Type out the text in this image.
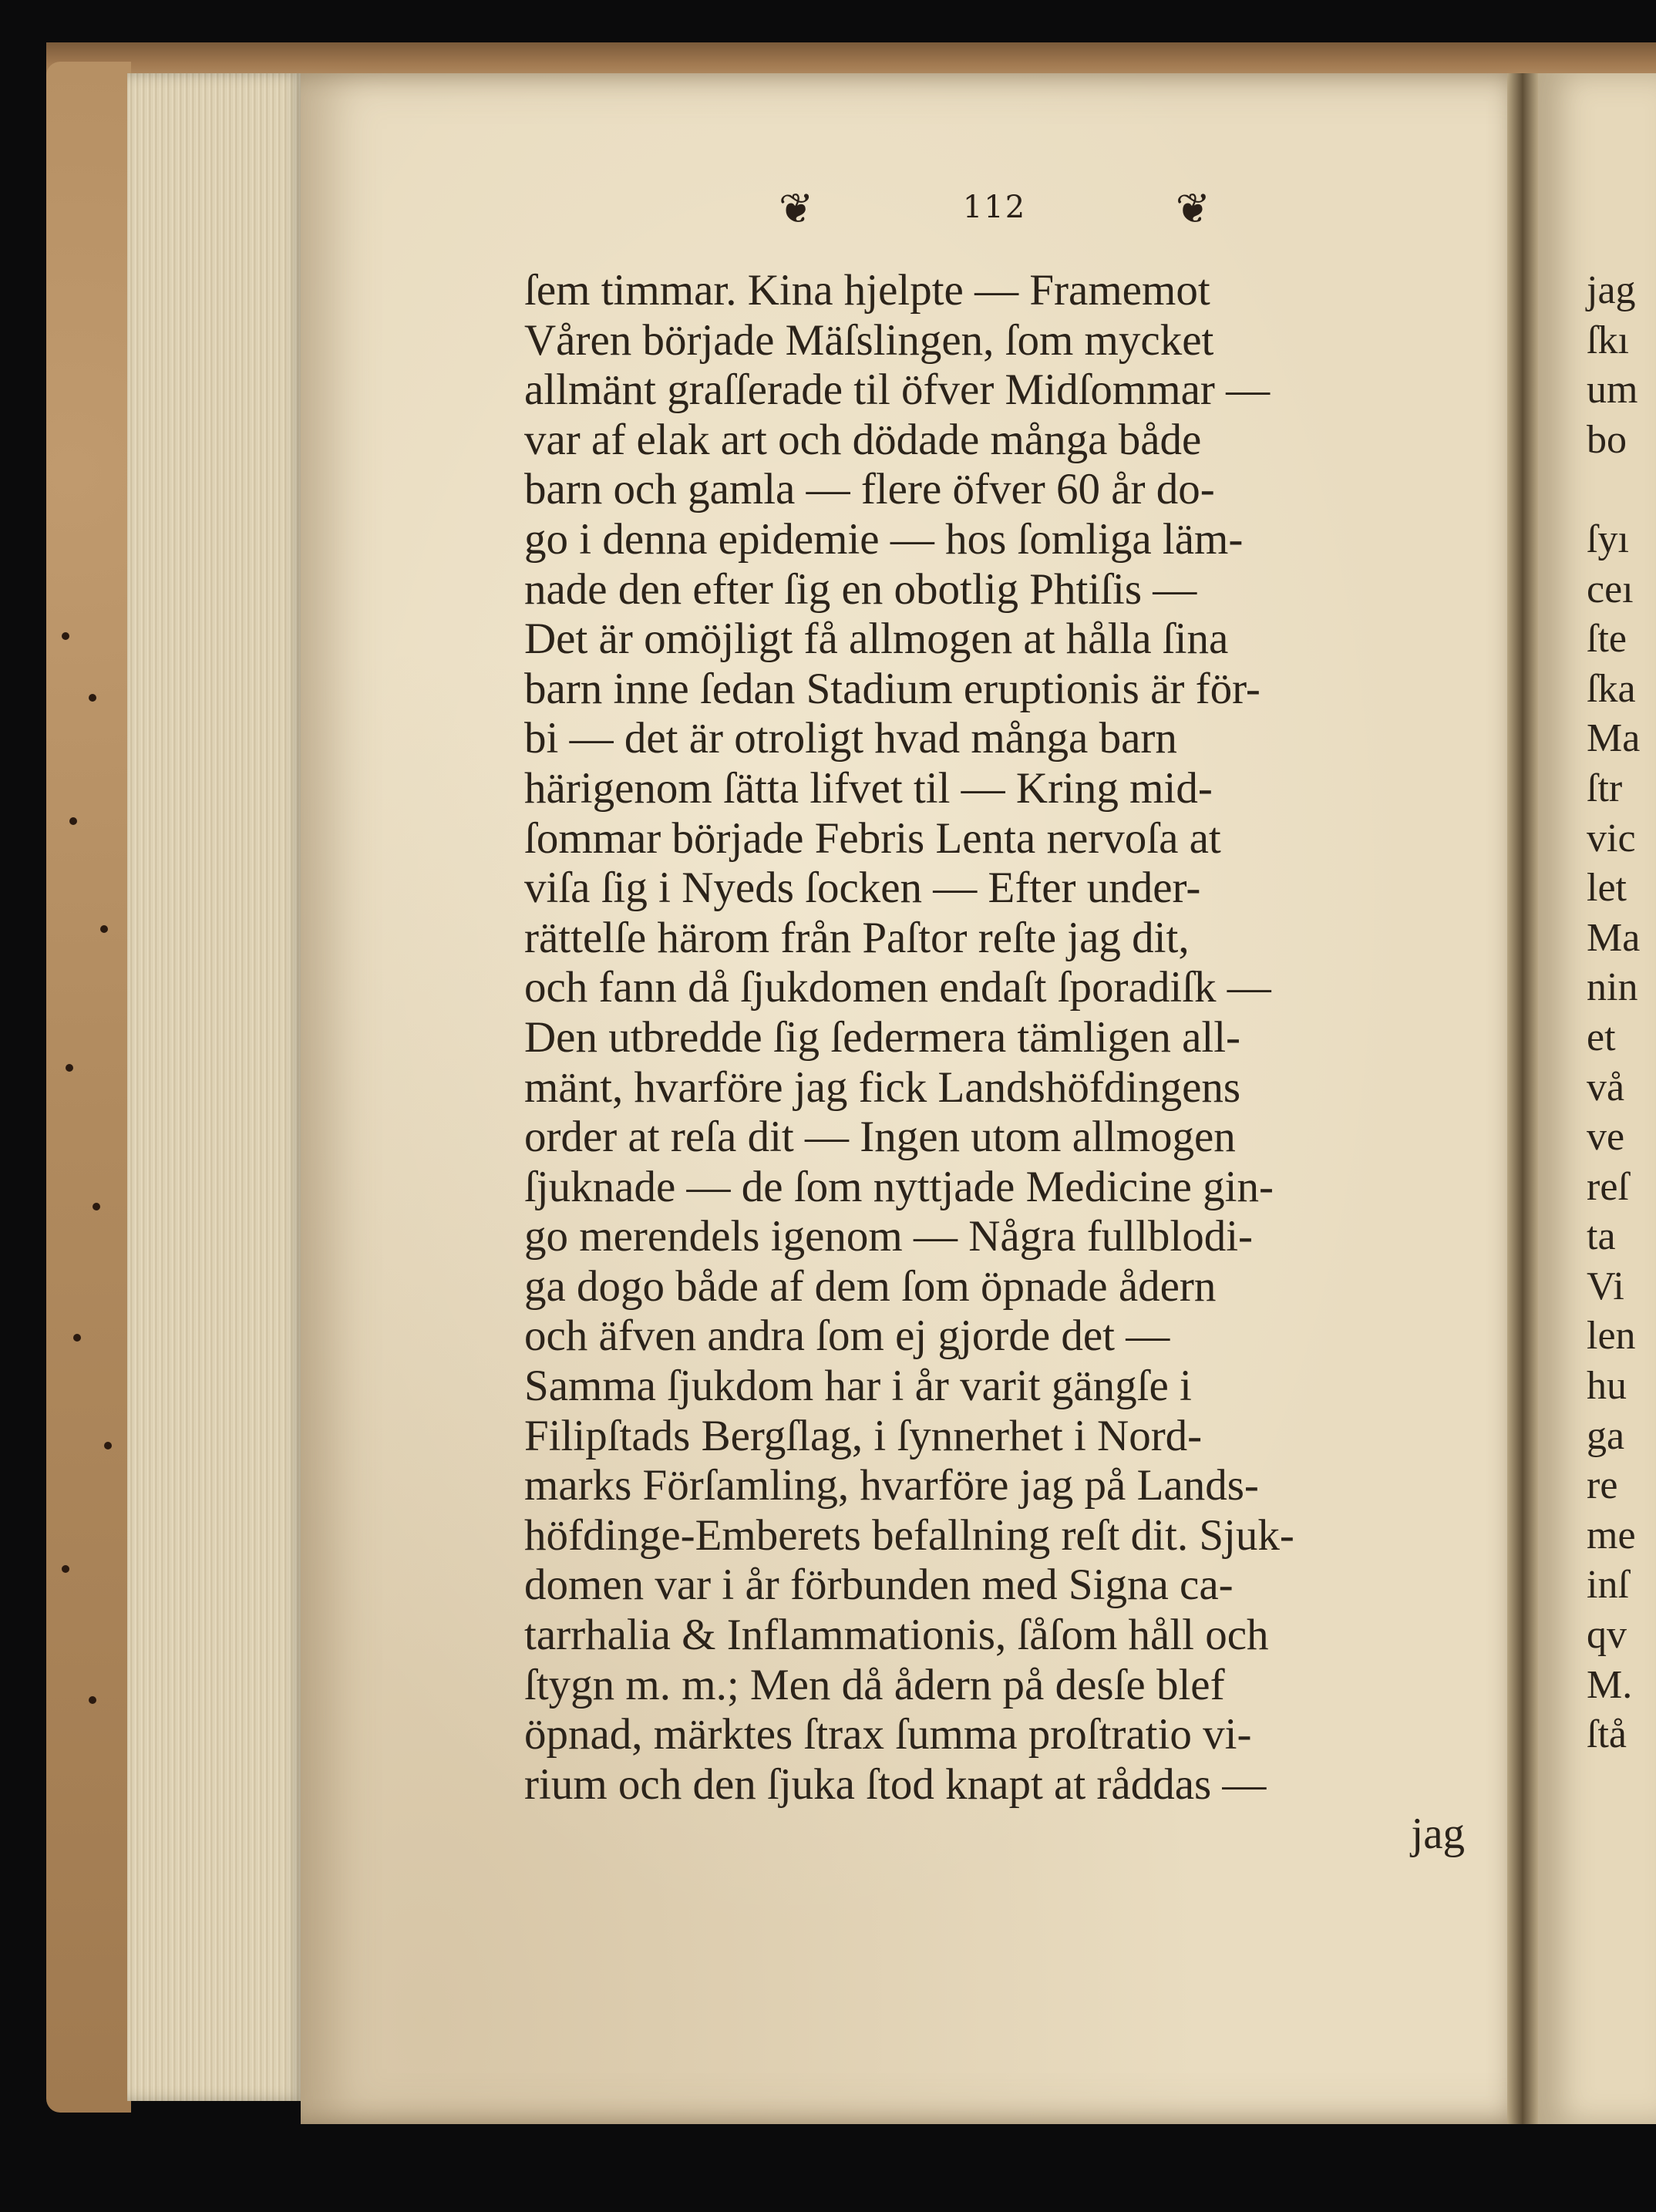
❦	112	❦
ſem timmar. Kina hjelpte — Framemot
Våren började Mäſslingen, ſom mycket
allmänt graſſerade til öfver Midſommar —
var af elak art och dödade många både
barn och gamla — flere öfver 60 år do-
go i denna epidemie — hos ſomliga läm-
nade den efter ſig en obotlig Phtiſis —
Det är omöjligt få allmogen at hålla ſina
barn inne ſedan Stadium eruptionis är för-
bi — det är otroligt hvad många barn
härigenom ſätta lifvet til — Kring mid-
ſommar började Febris Lenta nervoſa at
viſa ſig i Nyeds ſocken — Efter under-
rättelſe härom från Paſtor reſte jag dit,
och fann då ſjukdomen endaſt ſporadiſk —
Den utbredde ſig ſedermera tämligen all-
mänt, hvarföre jag fick Landshöfdingens
order at reſa dit — Ingen utom allmogen
ſjuknade — de ſom nyttjade Medicine gin-
go merendels igenom — Några fullblodi-
ga dogo både af dem ſom öpnade ådern
och äfven andra ſom ej gjorde det —
Samma ſjukdom har i år varit gängſe i
Filipſtads Bergſlag, i ſynnerhet i Nord-
marks Förſamling, hvarföre jag på Lands-
höfdinge-Emberets befallning reſt dit. Sjuk-
domen var i år förbunden med Signa ca-
tarrhalia & Inflammationis, ſåſom håll och
ſtygn m. m.; Men då ådern på desſe blef
öpnad, märktes ſtrax ſumma proſtratio vi-
rium och den ſjuka ſtod knapt at råddas —
jag
jag
ſkı
um
bo
ſyı
ceı
ſte
ſka
Ma
ſtr
vic
let
Ma
nin
et
vå
ve
reſ
ta
Vi
len
hu
ga
re
me
inſ
qv
M.
ſtå
